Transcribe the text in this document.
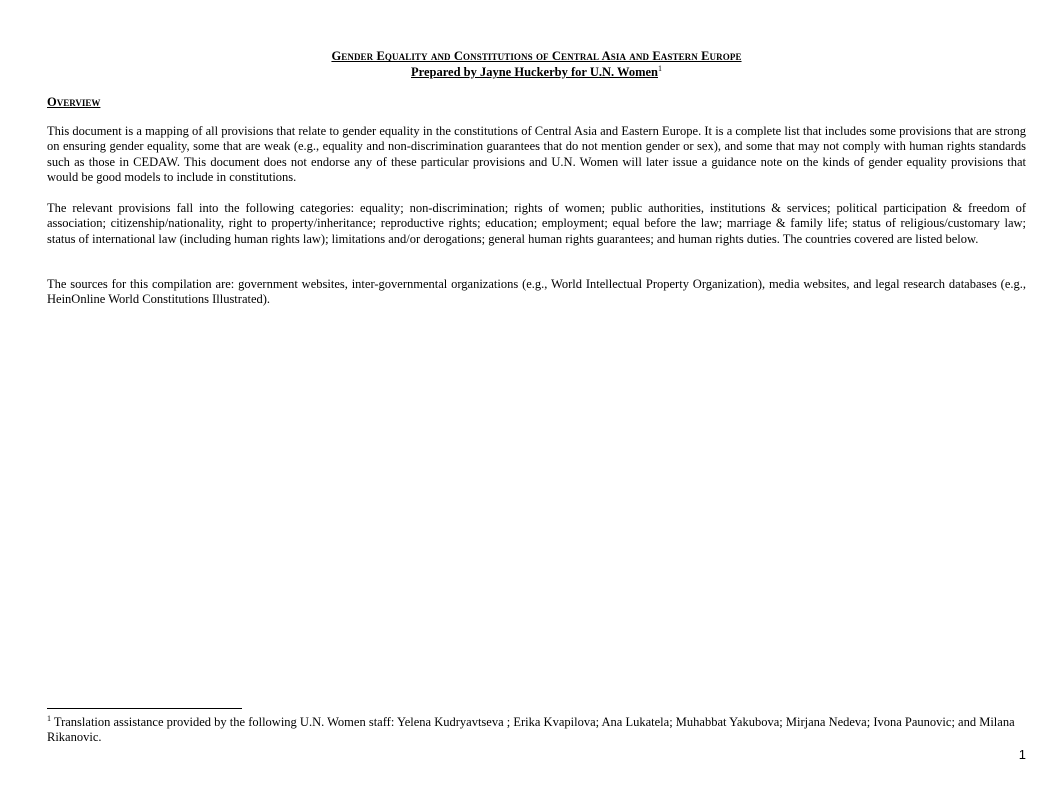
Gender Equality and Constitutions of Central Asia and Eastern Europe
Prepared by Jayne Huckerby for U.N. Women$^1$
Overview

This document is a mapping of all provisions that relate to gender equality in the constitutions of Central Asia and Eastern Europe. It is a complete list that includes some provisions that are strong on ensuring gender equality, some that are weak (e.g., equality and non-discrimination guarantees that do not mention gender or sex), and some that may not comply with human rights standards such as those in CEDAW. This document does not endorse any of these particular provisions and U.N. Women will later issue a guidance note on the kinds of gender equality provisions that would be good models to include in constitutions.

The relevant provisions fall into the following categories: equality; non-discrimination; rights of women; public authorities, institutions & services; political participation & freedom of association; citizenship/nationality, right to property/inheritance; reproductive rights; education; employment; equal before the law; marriage & family life; status of religious/customary law; status of international law (including human rights law); limitations and/or derogations; general human rights guarantees; and human rights duties. The countries covered are listed below.

The sources for this compilation are: government websites, inter-governmental organizations (e.g., World Intellectual Property Organization), media websites, and legal research databases (e.g., HeinOnline World Constitutions Illustrated).

$^1$ Translation assistance provided by the following U.N. Women staff: Yelena Kudryavtseva ; Erika Kvapilova; Ana Lukatela; Muhabbat Yakubova; Mirjana Nedeva; Ivona Paunovic; and Milana Rikanovic.

1
